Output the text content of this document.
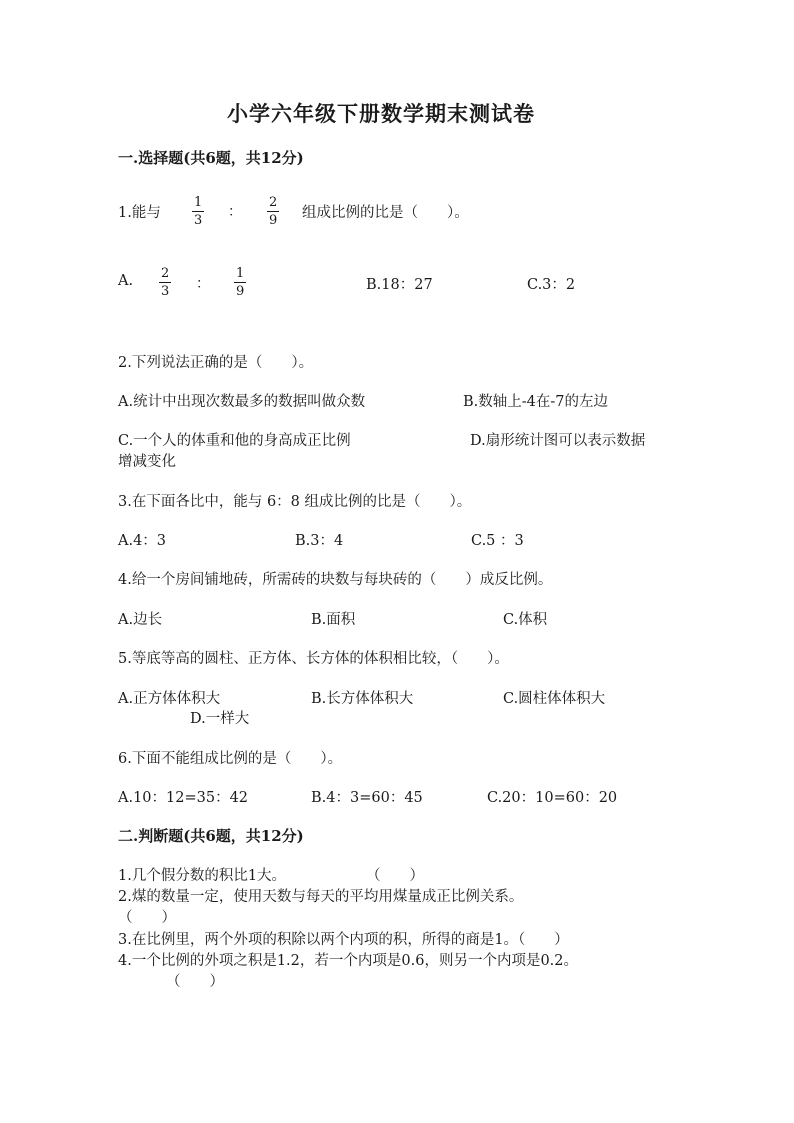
小学六年级下册数学期末测试卷
一.选择题(共6题，共12分)
1.能与
1
3
：
2
9 组成比例的比是（　　）。
A. 2
3 ：
1
9	B.18：27	C.3：2
2.下列说法正确的是（　　）。
A.统计中出现次数最多的数据叫做众数	B.数轴上-4在-7的左边
C.一个人的体重和他的身高成正比例	D.扇形统计图可以表示数据
增减变化
3.在下面各比中，能与 6：8 组成比例的比是（　　）。
A.4：3	B.3：4	C.5 ：3
4.给一个房间铺地砖，所需砖的块数与每块砖的（　　）成反比例。
A.边长	B.面积	C.体积
5.等底等高的圆柱、正方体、长方体的体积相比较，（　　）。
A.正方体体积大	B.长方体体积大	C.圆柱体体积大
D.一样大
6.下面不能组成比例的是（　　）。
A.10：12=35：42	B.4：3=60：45	C.20：10=60：20
二.判断题(共6题，共12分)
1.几个假分数的积比1大。	（　　）
2.煤的数量一定，使用天数与每天的平均用煤量成正比例关系。
（　　）
3.在比例里，两个外项的积除以两个内项的积，所得的商是1。（　　）
4.一个比例的外项之积是1.2，若一个内项是0.6，则另一个内项是0.2。
（　　）
